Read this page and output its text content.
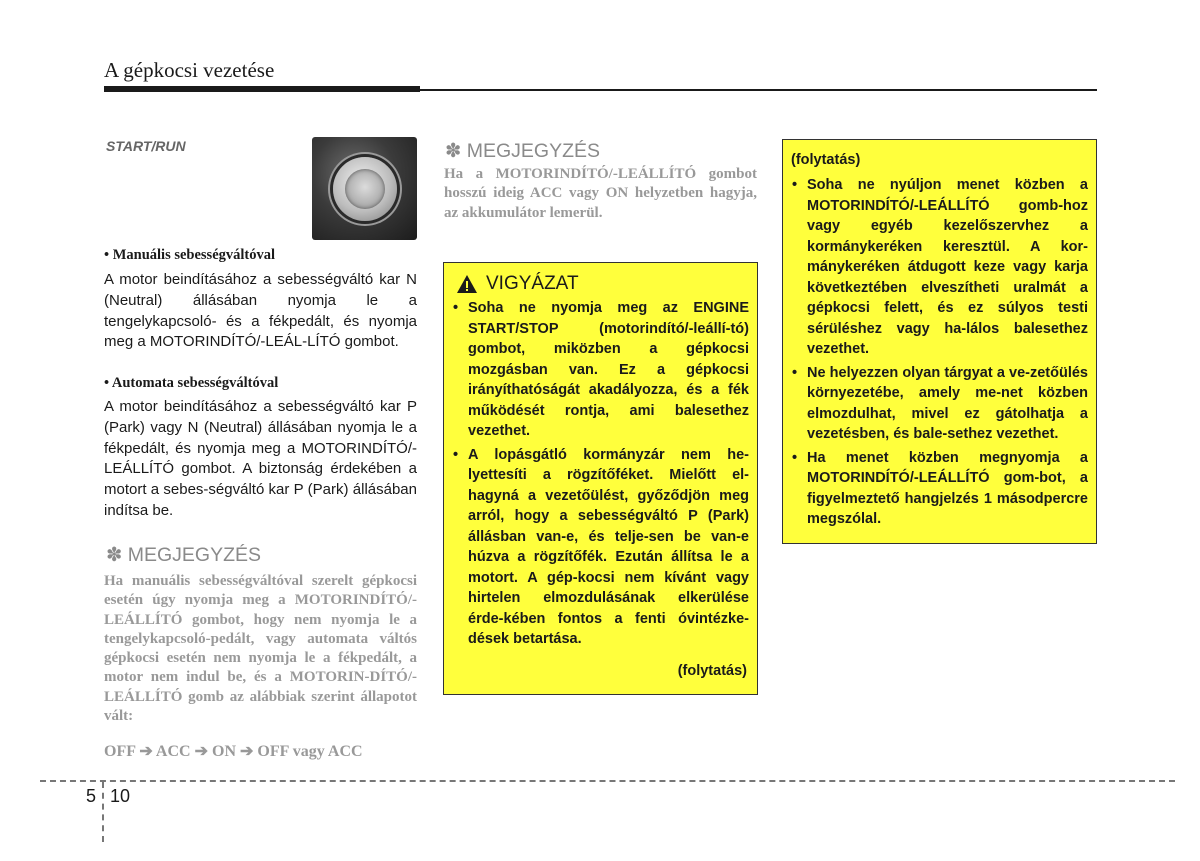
A gépkocsi vezetése
START/RUN
• Manuális sebességváltóval
A motor beindításához a sebességváltó kar N (Neutral) állásában nyomja le a tengelykapcsoló- és a fékpedált, és nyomja meg a MOTORINDÍTÓ/-LEÁL-LÍTÓ gombot.
• Automata sebességváltóval
A motor beindításához a sebességváltó kar P (Park) vagy N (Neutral) állásában nyomja le a fékpedált, és nyomja meg a MOTORINDÍTÓ/-LEÁLLÍTÓ gombot. A biztonság érdekében a motort a sebes-ségváltó kar P (Park) állásában indítsa be.
✽ MEGJEGYZÉS
Ha manuális sebességváltóval szerelt gépkocsi esetén úgy nyomja meg a MOTORINDÍTÓ/-LEÁLLÍTÓ gombot, hogy nem nyomja le a tengelykapcsoló-pedált, vagy automata váltós gépkocsi esetén nem nyomja le a fékpedált, a motor nem indul be, és a MOTORIN-DÍTÓ/-LEÁLLÍTÓ gomb az alábbiak szerint állapotot vált:
OFF ➔ ACC ➔ ON ➔ OFF vagy ACC
✽ MEGJEGYZÉS
Ha a MOTORINDÍTÓ/-LEÁLLÍTÓ gombot hosszú ideig ACC vagy ON helyzetben hagyja, az akkumulátor lemerül.
VIGYÁZAT
• Soha ne nyomja meg az ENGINE START/STOP (motorindító/-leállí-tó) gombot, miközben a gépkocsi mozgásban van. Ez a gépkocsi irányíthatóságát akadályozza, és a fék működését rontja, ami balesethez vezethet.
• A lopásgátló kormányzár nem he-lyettesíti a rögzítőféket. Mielőtt el-hagyná a vezetőülést, győződjön meg arról, hogy a sebességváltó P (Park) állásban van-e, és telje-sen be van-e húzva a rögzítőfék. Ezután állítsa le a motort. A gép-kocsi nem kívánt vagy hirtelen elmozdulásának elkerülése érde-kében fontos a fenti óvintézke-dések betartása.
(folytatás)
(folytatás)
• Soha ne nyúljon menet közben a MOTORINDÍTÓ/-LEÁLLÍTÓ gomb-hoz vagy egyéb kezelőszervhez a kormánykeréken keresztül. A kor-mánykeréken átdugott keze vagy karja következtében elveszítheti uralmát a gépkocsi felett, és ez súlyos testi sérüléshez vagy ha-lálos balesethez vezethet.
• Ne helyezzen olyan tárgyat a ve-zetőülés környezetébe, amely me-net közben elmozdulhat, mivel ez gátolhatja a vezetésben, és bale-sethez vezethet.
• Ha menet közben megnyomja a MOTORINDÍTÓ/-LEÁLLÍTÓ gom-bot, a figyelmeztető hangjelzés 1 másodpercre megszólal.
5 10
